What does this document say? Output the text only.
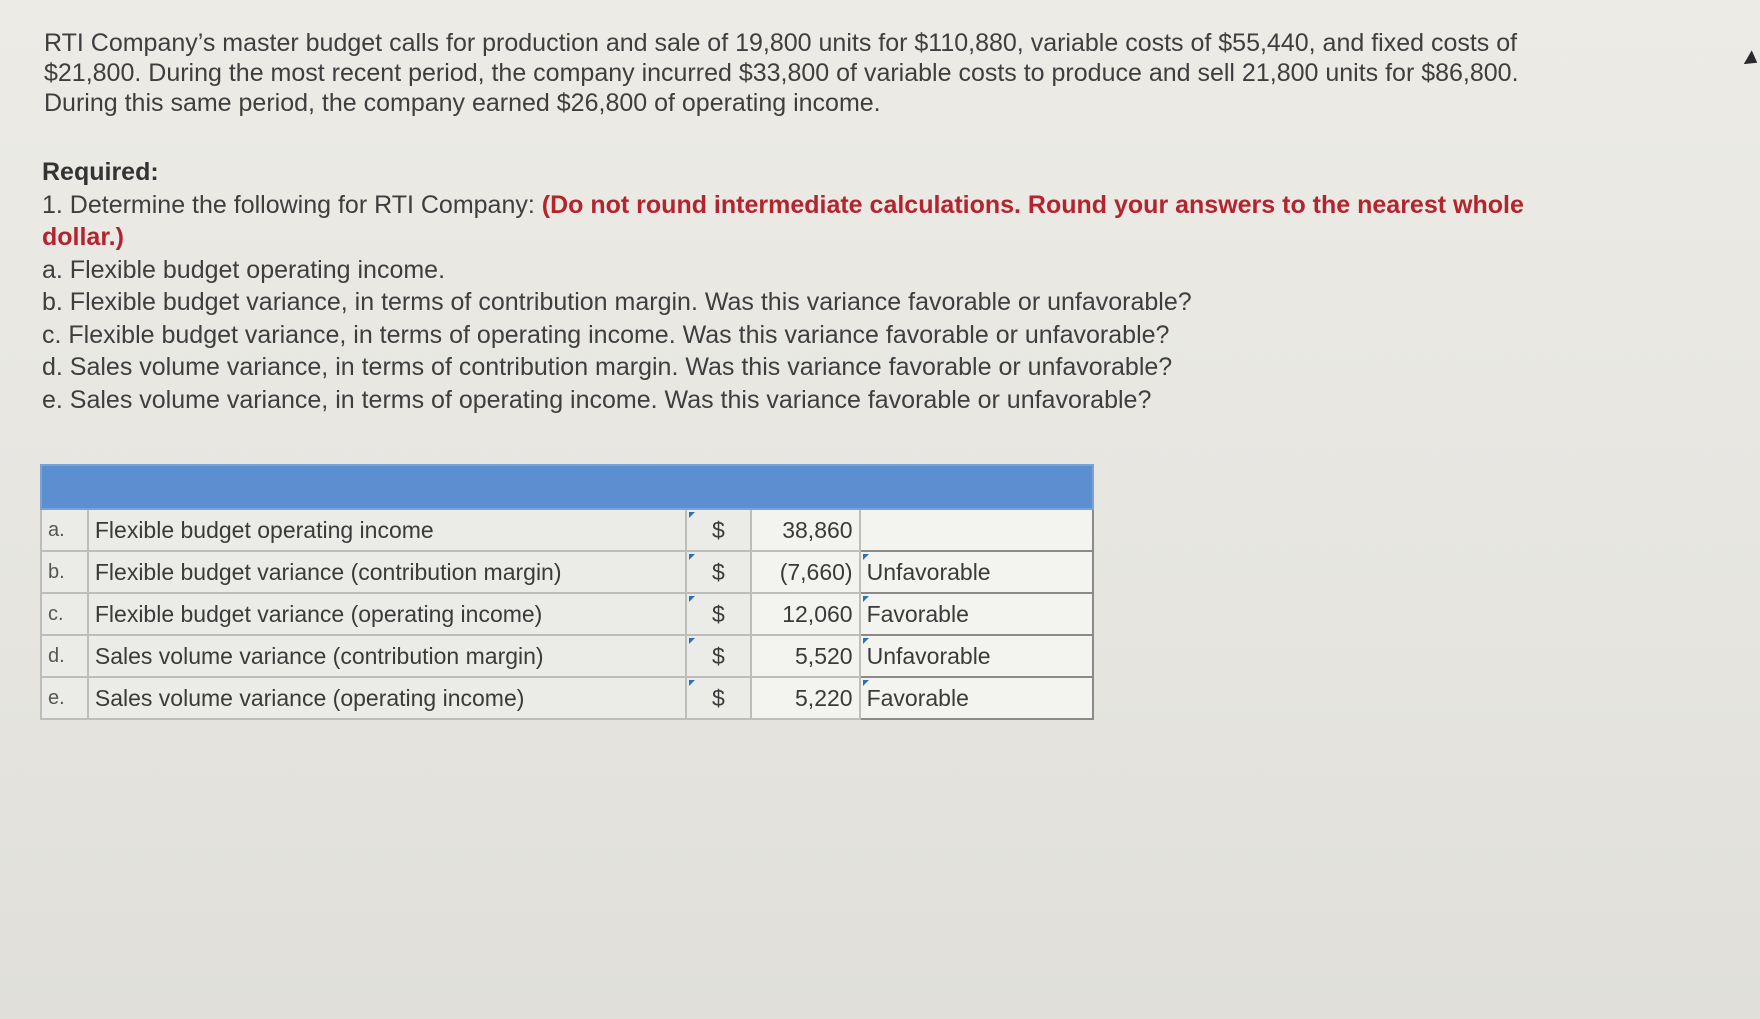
RTI Company’s master budget calls for production and sale of 19,800 units for $110,880, variable costs of $55,440, and fixed costs of

$21,800. During the most recent period, the company incurred $33,800 of variable costs to produce and sell 21,800 units for $86,800.

During this same period, the company earned $26,800 of operating income.

Required:
1. Determine the following for RTI Company: (Do not round intermediate calculations. Round your answers to the nearest whole
dollar.)
a. Flexible budget operating income.
b. Flexible budget variance, in terms of contribution margin. Was this variance favorable or unfavorable?
c. Flexible budget variance, in terms of operating income. Was this variance favorable or unfavorable?
d. Sales volume variance, in terms of contribution margin. Was this variance favorable or unfavorable?
e. Sales volume variance, in terms of operating income. Was this variance favorable or unfavorable?

a.	Flexible budget operating income	$	38,860	
b.	Flexible budget variance (contribution margin)	$	(7,660)	Unfavorable
c.	Flexible budget variance (operating income)	$	12,060	Favorable
d.	Sales volume variance (contribution margin)	$	5,520	Unfavorable
e.	Sales volume variance (operating income)	$	5,220	Favorable
